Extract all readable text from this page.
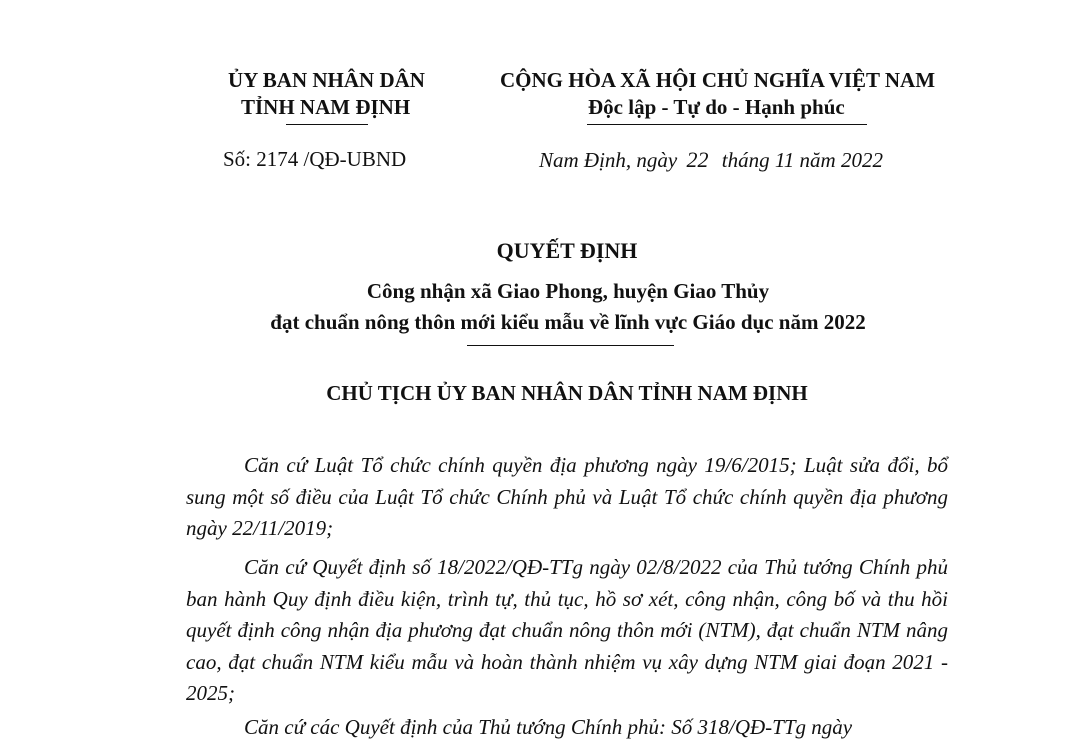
ỦY BAN NHÂN DÂN
TỈNH NAM ĐỊNH
CỘNG HÒA XÃ HỘI CHỦ NGHĨA VIỆT NAM
Độc lập - Tự do - Hạnh phúc
Số: 2174 /QĐ-UBND	Nam Định, ngày 22 tháng 11 năm 2022
QUYẾT ĐỊNH
Công nhận xã Giao Phong, huyện Giao Thủy
đạt chuẩn nông thôn mới kiểu mẫu về lĩnh vực Giáo dục năm 2022
CHỦ TỊCH ỦY BAN NHÂN DÂN TỈNH NAM ĐỊNH
Căn cứ Luật Tổ chức chính quyền địa phương ngày 19/6/2015; Luật sửa đổi, bổ sung một số điều của Luật Tổ chức Chính phủ và Luật Tổ chức chính quyền địa phương ngày 22/11/2019;
Căn cứ Quyết định số 18/2022/QĐ-TTg ngày 02/8/2022 của Thủ tướng Chính phủ ban hành Quy định điều kiện, trình tự, thủ tục, hồ sơ xét, công nhận, công bố và thu hồi quyết định công nhận địa phương đạt chuẩn nông thôn mới (NTM), đạt chuẩn NTM nâng cao, đạt chuẩn NTM kiểu mẫu và hoàn thành nhiệm vụ xây dựng NTM giai đoạn 2021 - 2025;
Căn cứ các Quyết định của Thủ tướng Chính phủ: Số 318/QĐ-TTg ngày
